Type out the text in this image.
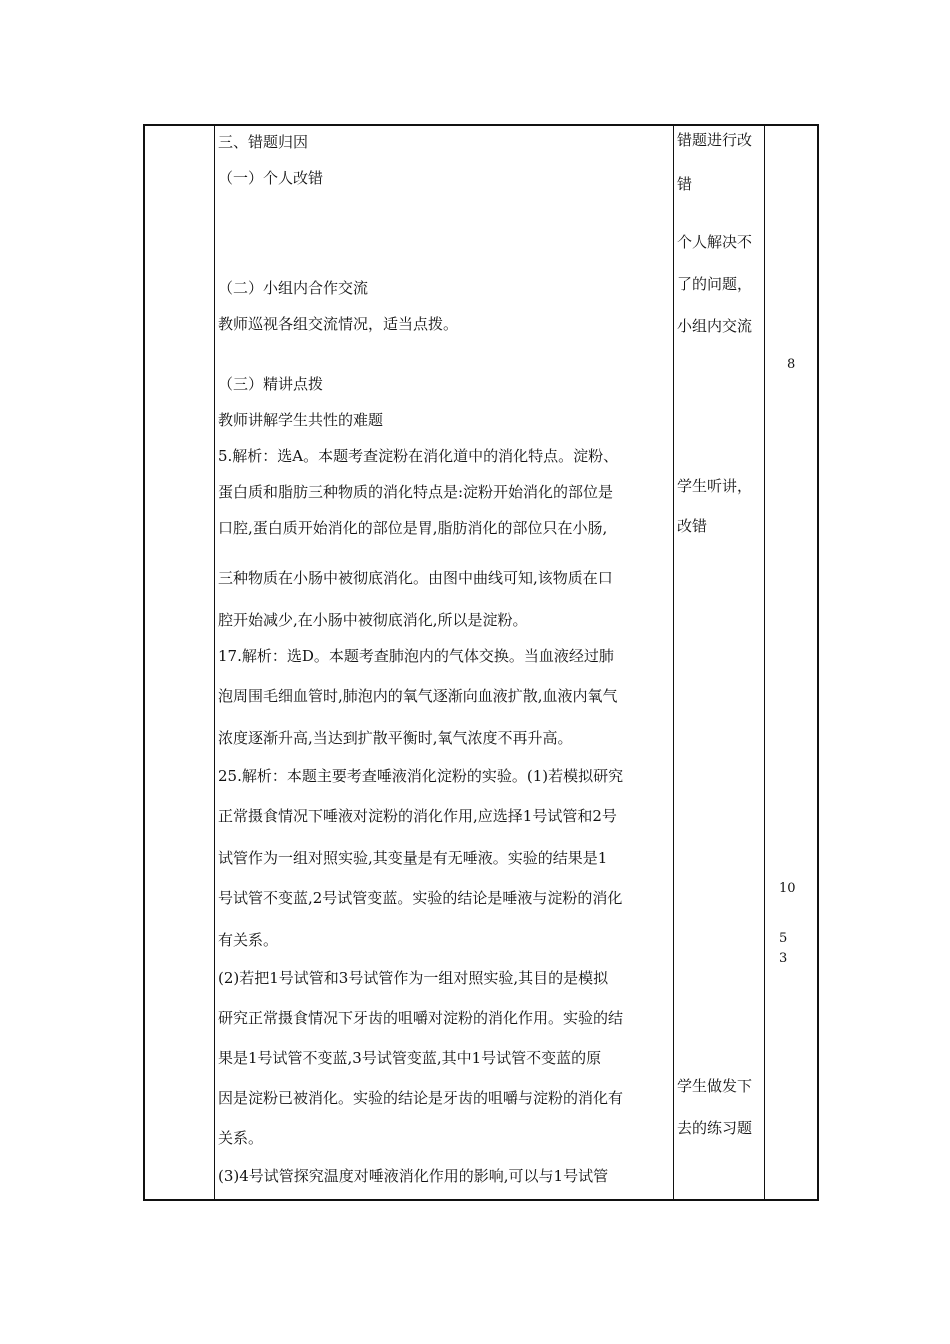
三、错题归因
（一）个人改错
（二）小组内合作交流
教师巡视各组交流情况，适当点拨。
（三）精讲点拨
教师讲解学生共性的难题
5.解析：选A。本题考查淀粉在消化道中的消化特点。淀粉、
蛋白质和脂肪三种物质的消化特点是:淀粉开始消化的部位是
口腔,蛋白质开始消化的部位是胃,脂肪消化的部位只在小肠,
三种物质在小肠中被彻底消化。由图中曲线可知,该物质在口
腔开始减少,在小肠中被彻底消化,所以是淀粉。
17.解析：选D。本题考查肺泡内的气体交换。当血液经过肺
泡周围毛细血管时,肺泡内的氧气逐渐向血液扩散,血液内氧气
浓度逐渐升高,当达到扩散平衡时,氧气浓度不再升高。
25.解析：本题主要考查唾液消化淀粉的实验。(1)若模拟研究
正常摄食情况下唾液对淀粉的消化作用,应选择1号试管和2号
试管作为一组对照实验,其变量是有无唾液。实验的结果是1
号试管不变蓝,2号试管变蓝。实验的结论是唾液与淀粉的消化
有关系。
(2)若把1号试管和3号试管作为一组对照实验,其目的是模拟
研究正常摄食情况下牙齿的咀嚼对淀粉的消化作用。实验的结
果是1号试管不变蓝,3号试管变蓝,其中1号试管不变蓝的原
因是淀粉已被消化。实验的结论是牙齿的咀嚼与淀粉的消化有
关系。
(3)4号试管探究温度对唾液消化作用的影响,可以与1号试管
错题进行改
错
个人解决不
了的问题，
小组内交流
学生听讲，
改错
学生做发下
去的练习题
8
10
5
3
